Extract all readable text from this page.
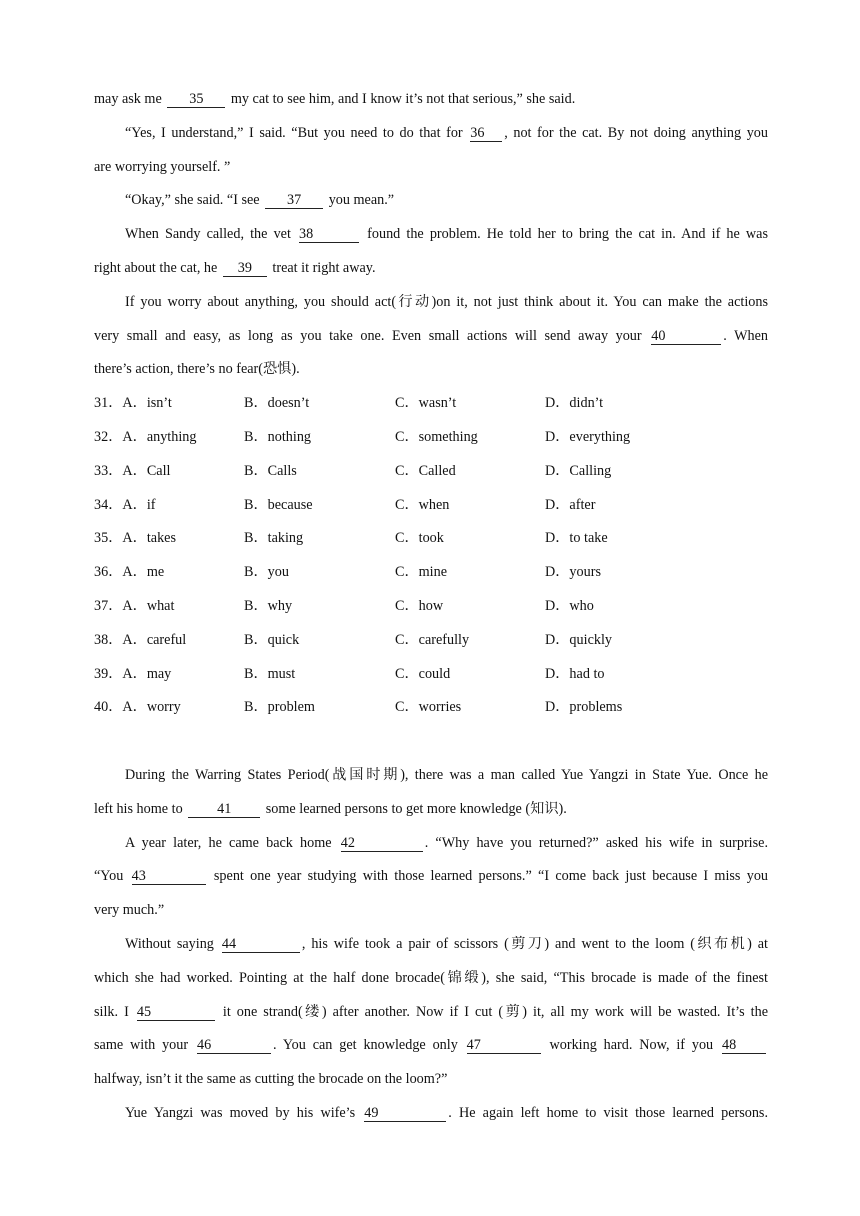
may ask me 35 my cat to see him, and I know it’s not that serious,” she said.
“Yes, I understand,” I said. “But you need to do that for 36 , not for the cat. By not doing anything you
are worrying yourself. ”
“Okay,” she said. “I see 37 you mean.”
When Sandy called, the vet 38	found the problem. He told her to bring the cat in. And if he was
right about the cat, he 39 treat it right away.
If you worry about anything, you should act(行动)on it, not just think about it. You can make the actions
very small and easy, as long as you take one. Even small actions will send away your 40	. When
there’s action, there’s no fear(恐惧).
31．A．isn’t	B．doesn’t	C．wasn’t	D．didn’t
32．A．anything	B．nothing	C．something	D．everything
33．A．Call	B．Calls	C．Called	D．Calling
34．A．if	B．because	C．when	D．after
35．A．takes	B．taking	C．took	D．to take
36．A．me	B．you	C．mine	D．yours
37．A．what	B．why	C．how	D．who
38．A．careful	B．quick	C．carefully	D．quickly
39．A．may	B．must	C．could	D．had to
40．A．worry	B．problem	C．worries	D．problems
During the Warring States Period(战国时期), there was a man called Yue Yangzi in State Yue. Once he
left his home to 41 some learned persons to get more knowledge (知识).
A year later, he came back home 42	. “Why have you returned?” asked his wife in surprise.
“You 43	spent one year studying with those learned persons.” “I come back just because I miss you
very much.”
Without saying 44	, his wife took a pair of scissors (剪刀) and went to the loom (织布机) at
which she had worked. Pointing at the half done brocade(锦缎), she said, “This brocade is made of the finest
silk. I 45	it one strand(缕) after another. Now if I cut (剪) it, all my work will be wasted. It’s the
same with your 46	. You can get knowledge only 47	working hard. Now, if you 48
halfway, isn’t it the same as cutting the brocade on the loom?”
Yue Yangzi was moved by his wife’s 49	. He again left home to visit those learned persons.
